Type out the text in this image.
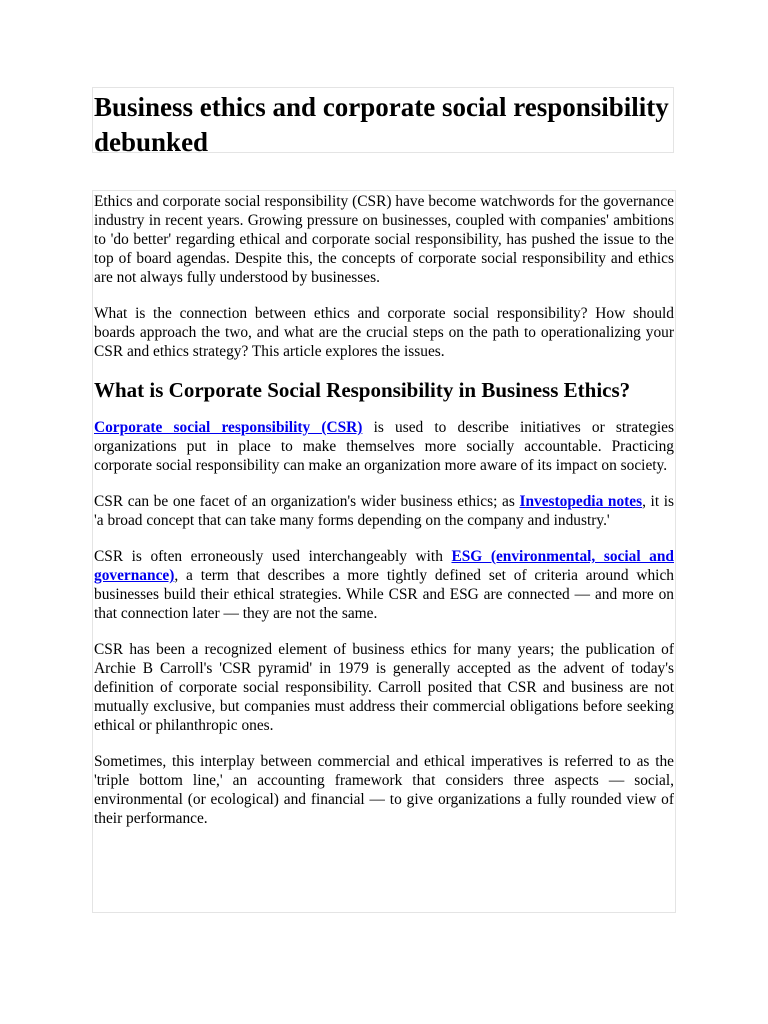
Business ethics and corporate social responsibility debunked

Ethics and corporate social responsibility (CSR) have become watchwords for the governance industry in recent years. Growing pressure on businesses, coupled with companies' ambitions to 'do better' regarding ethical and corporate social responsibility, has pushed the issue to the top of board agendas. Despite this, the concepts of corporate social responsibility and ethics are not always fully understood by businesses.

What is the connection between ethics and corporate social responsibility? How should boards approach the two, and what are the crucial steps on the path to operationalizing your CSR and ethics strategy? This article explores the issues.

What is Corporate Social Responsibility in Business Ethics?

Corporate social responsibility (CSR) is used to describe initiatives or strategies organizations put in place to make themselves more socially accountable. Practicing corporate social responsibility can make an organization more aware of its impact on society.

CSR can be one facet of an organization's wider business ethics; as Investopedia notes, it is 'a broad concept that can take many forms depending on the company and industry.'

CSR is often erroneously used interchangeably with ESG (environmental, social and governance), a term that describes a more tightly defined set of criteria around which businesses build their ethical strategies. While CSR and ESG are connected — and more on that connection later — they are not the same.

CSR has been a recognized element of business ethics for many years; the publication of Archie B Carroll's 'CSR pyramid' in 1979 is generally accepted as the advent of today's definition of corporate social responsibility. Carroll posited that CSR and business are not mutually exclusive, but companies must address their commercial obligations before seeking ethical or philanthropic ones.

Sometimes, this interplay between commercial and ethical imperatives is referred to as the 'triple bottom line,' an accounting framework that considers three aspects — social, environmental (or ecological) and financial — to give organizations a fully rounded view of their performance.
